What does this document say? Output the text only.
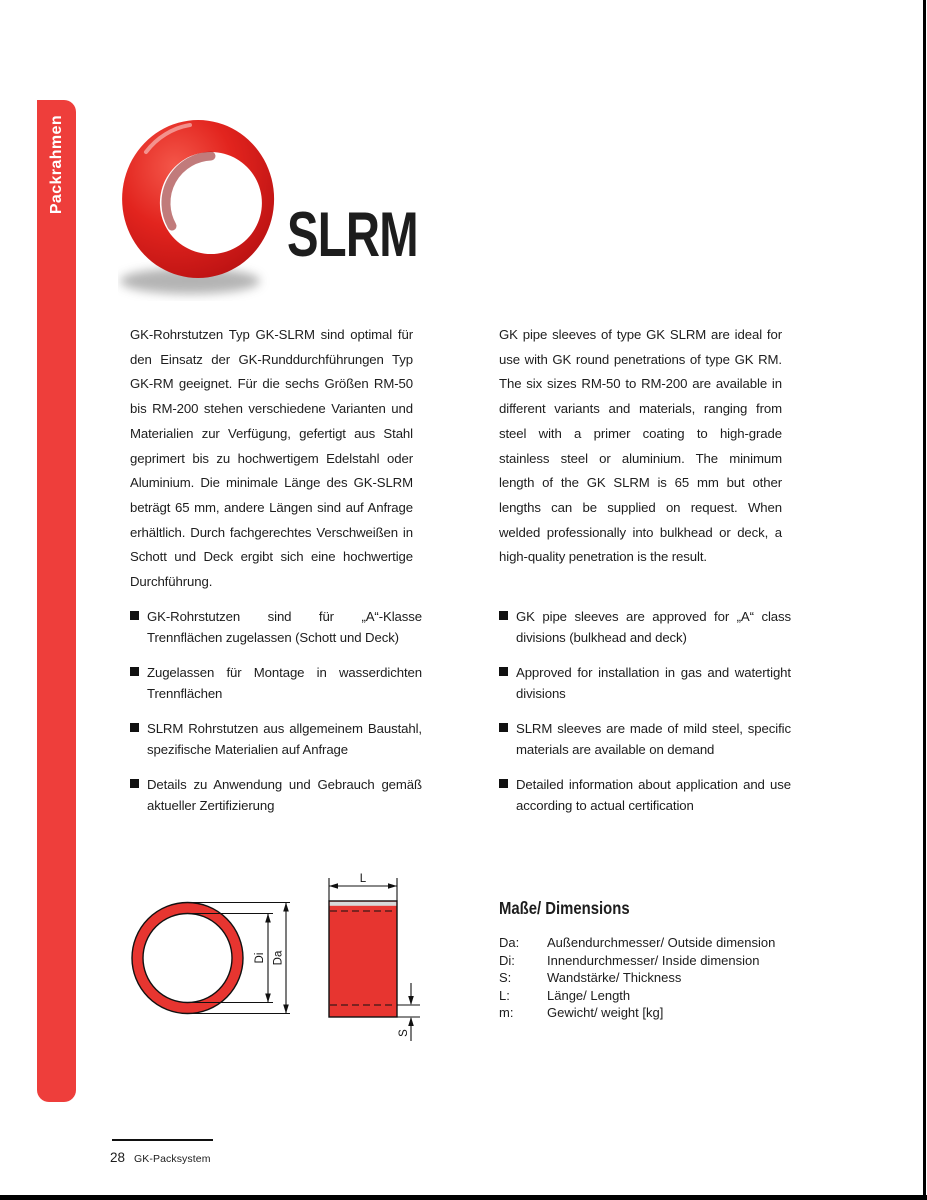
Packrahmen
SLRM

GK-Rohrstutzen Typ GK-SLRM sind optimal für den Einsatz der GK-Runddurchführungen Typ GK-RM geeignet. Für die sechs Größen RM-50 bis RM-200 stehen verschiedene Varianten und Materialien zur Verfügung, gefertigt aus Stahl geprimert bis zu hochwertigem Edelstahl oder Aluminium. Die minimale Länge des GK-SLRM beträgt 65 mm, andere Längen sind auf Anfrage erhältlich. Durch fachgerechtes Verschweißen in Schott und Deck ergibt sich eine hochwertige Durchführung.

GK pipe sleeves of type GK SLRM are ideal for use with GK round penetrations of type GK RM. The six sizes RM-50 to RM-200 are available in different variants and materials, ranging from steel with a primer coating to high-grade stainless steel or aluminium. The minimum length of the GK SLRM is 65 mm but other lengths can be supplied on request. When welded professionally into bulkhead or deck, a high-quality penetration is the result.

GK-Rohrstutzen sind für „A“-Klasse Trennflächen zugelassen (Schott und Deck)
Zugelassen für Montage in wasserdichten Trennflächen
SLRM Rohrstutzen aus allgemeinem Baustahl, spezifische Materialien auf Anfrage
Details zu Anwendung und Gebrauch gemäß aktueller Zertifizierung
GK pipe sleeves are approved for „A“ class divisions (bulkhead and deck)
Approved for installation in gas and watertight divisions
SLRM sleeves are made of mild steel, specific materials are available on demand
Detailed information about application and use according to actual certification
Di Da
L
S
Maße/ Dimensions
Da:	Außendurchmesser/ Outside dimension
Di:	Innendurchmesser/ Inside dimension
S:	Wandstärke/ Thickness
L:	Länge/ Length
m:	Gewicht/ weight [kg]
28 GK-Packsystem
